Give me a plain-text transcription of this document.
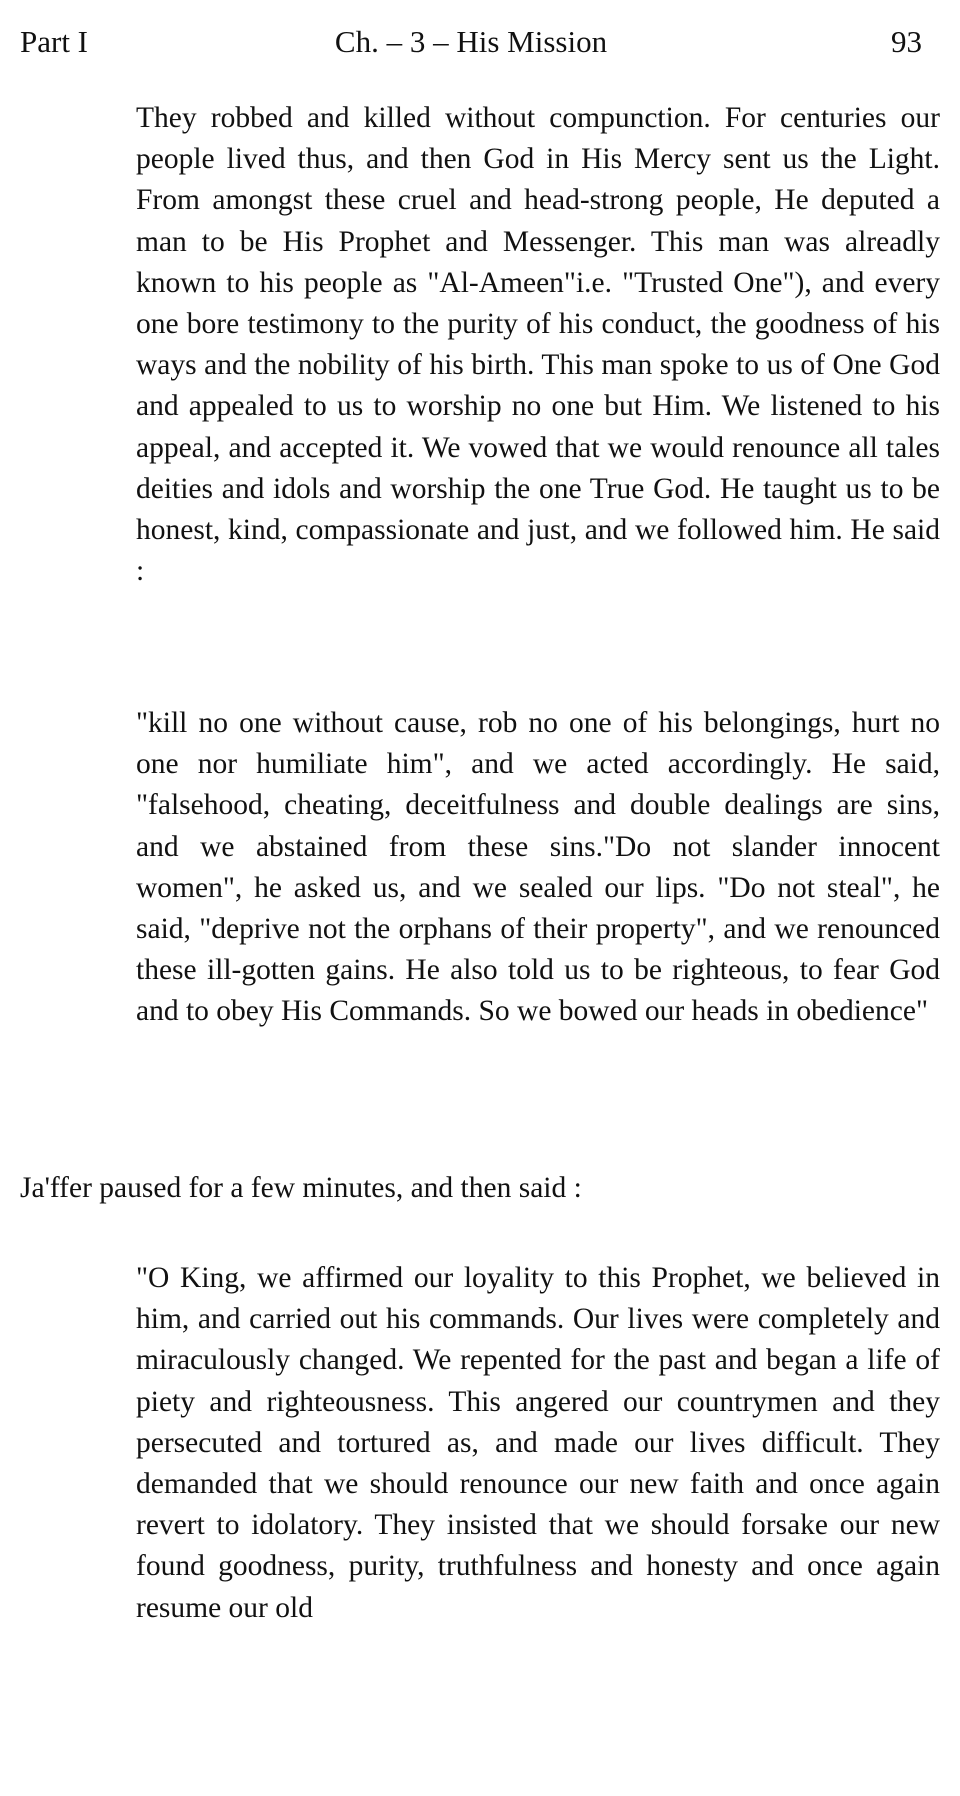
Part I	Ch. – 3 – His Mission	93

They robbed and killed without compunction. For centuries our people lived thus, and then God in His Mercy sent us the Light. From amongst these cruel and head-strong people, He deputed a man to be His Prophet and Messenger. This man was alreadly known to his people as "Al-Ameen"i.e. "Trusted One"), and every one bore testimony to the purity of his conduct, the goodness of his ways and the nobility of his birth. This man spoke to us of One God and appealed to us to worship no one but Him. We listened to his appeal, and accepted it. We vowed that we would renounce all tales deities and idols and worship the one True God. He taught us to be honest, kind, compassionate and just, and we followed him. He said :

"kill no one without cause, rob no one of his belongings, hurt no one nor humiliate him", and we acted accordingly. He said, "falsehood, cheating, deceitfulness and double dealings are sins, and we abstained from these sins."Do not slander innocent women", he asked us, and we sealed our lips. "Do not steal", he said, "deprive not the orphans of their property", and we renounced these ill-gotten gains. He also told us to be righteous, to fear God and to obey His Commands. So we bowed our heads in obedience"

Ja'ffer paused for a few minutes, and then said :

"O King, we affirmed our loyality to this Prophet, we believed in him, and carried out his commands. Our lives were completely and miraculously changed. We repented for the past and began a life of piety and righteousness. This angered our countrymen and they persecuted and tortured as, and made our lives difficult. They demanded that we should renounce our new faith and once again revert to idolatory. They insisted that we should forsake our new found goodness, purity, truthfulness and honesty and once again resume our old
